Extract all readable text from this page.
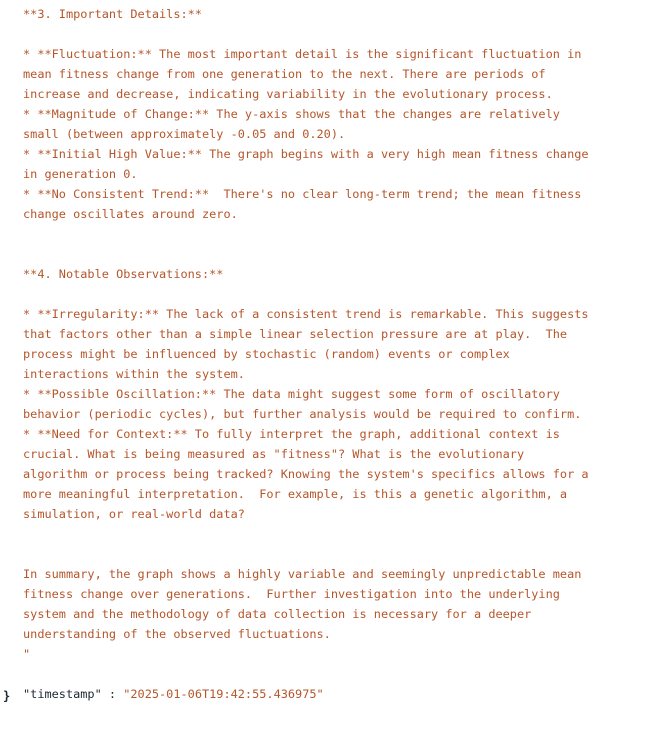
**3. Important Details:**
* **Fluctuation:** The most important detail is the significant fluctuation in
mean fitness change from one generation to the next. There are periods of
increase and decrease, indicating variability in the evolutionary process.
* **Magnitude of Change:** The y-axis shows that the changes are relatively
small (between approximately -0.05 and 0.20).
* **Initial High Value:** The graph begins with a very high mean fitness change
in generation 0.
* **No Consistent Trend:**  There's no clear long-term trend; the mean fitness
change oscillates around zero.
**4. Notable Observations:**
* **Irregularity:** The lack of a consistent trend is remarkable. This suggests
that factors other than a simple linear selection pressure are at play.  The
process might be influenced by stochastic (random) events or complex
interactions within the system.
* **Possible Oscillation:** The data might suggest some form of oscillatory
behavior (periodic cycles), but further analysis would be required to confirm.
* **Need for Context:** To fully interpret the graph, additional context is
crucial. What is being measured as "fitness"? What is the evolutionary
algorithm or process being tracked? Knowing the system's specifics allows for a
more meaningful interpretation.  For example, is this a genetic algorithm, a
simulation, or real-world data?
In summary, the graph shows a highly variable and seemingly unpredictable mean
fitness change over generations.  Further investigation into the underlying
system and the methodology of data collection is necessary for a deeper
understanding of the observed fluctuations.
"
"timestamp" : "2025-01-06T19:42:55.436975"
}
